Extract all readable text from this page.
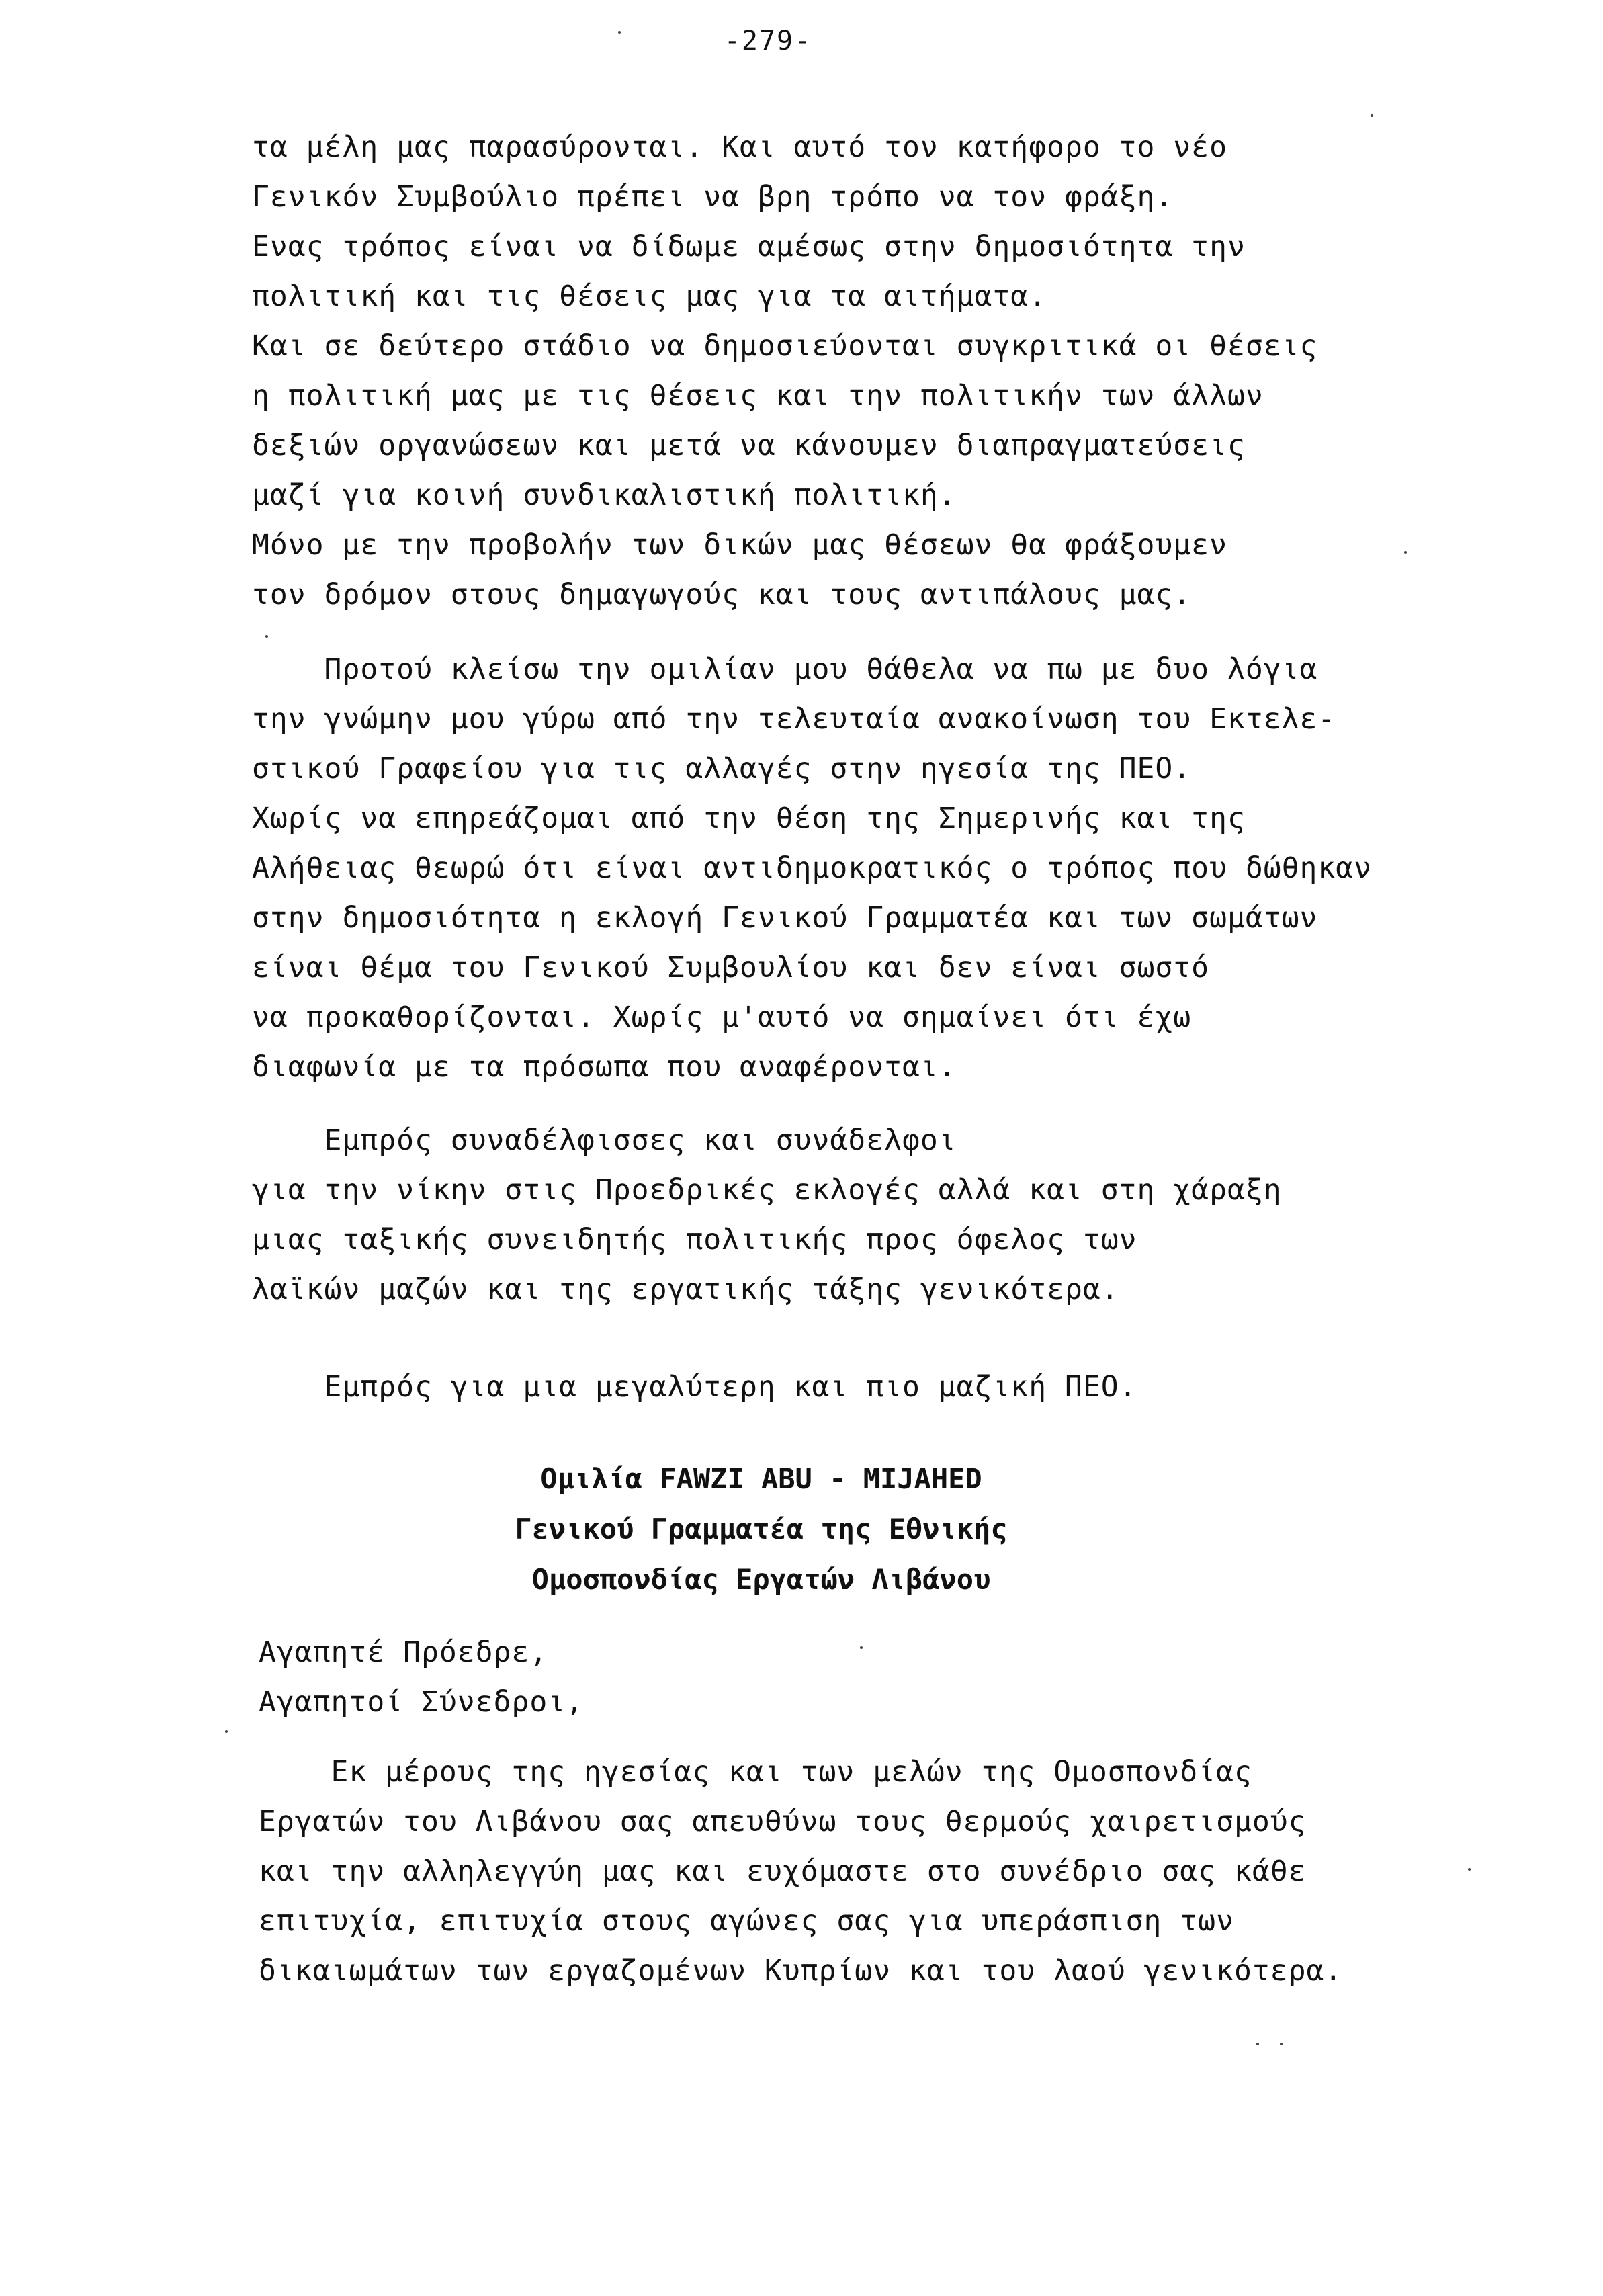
-279-
τα μέλη μας παρασύρονται. Και αυτό τον κατήφορο το νέο
Γενικόν Συμβούλιο πρέπει να βρη τρόπο να τον φράξη.
Ενας τρόπος είναι να δίδωμε αμέσως στην δημοσιότητα την
πολιτική και τις θέσεις μας για τα αιτήματα.
Και σε δεύτερο στάδιο να δημοσιεύονται συγκριτικά οι θέσεις
η πολιτική μας με τις θέσεις και την πολιτικήν των άλλων
δεξιών οργανώσεων και μετά να κάνουμεν διαπραγματεύσεις
μαζί για κοινή συνδικαλιστική πολιτική.
Μόνο με την προβολήν των δικών μας θέσεων θα φράξουμεν
τον δρόμον στους δημαγωγούς και τους αντιπάλους μας.
Προτού κλείσω την ομιλίαν μου θάθελα να πω με δυο λόγια
την γνώμην μου γύρω από την τελευταία ανακοίνωση του Εκτελε-
στικού Γραφείου για τις αλλαγές στην ηγεσία της ΠΕΟ.
Χωρίς να επηρεάζομαι από την θέση της Σημερινής και της
Αλήθειας θεωρώ ότι είναι αντιδημοκρατικός ο τρόπος που δώθηκαν
στην δημοσιότητα η εκλογή Γενικού Γραμματέα και των σωμάτων
είναι θέμα του Γενικού Συμβουλίου και δεν είναι σωστό
να προκαθορίζονται. Χωρίς μ'αυτό να σημαίνει ότι έχω
διαφωνία με τα πρόσωπα που αναφέρονται.
Εμπρός συναδέλφισσες και συνάδελφοι
για την νίκην στις Προεδρικές εκλογές αλλά και στη χάραξη
μιας ταξικής συνειδητής πολιτικής προς όφελος των
λαϊκών μαζών και της εργατικής τάξης γενικότερα.
Εμπρός για μια μεγαλύτερη και πιο μαζική ΠΕΟ.
Ομιλία FAWZI ABU - MIJAHED
Γενικού Γραμματέα της Εθνικής
Ομοσπονδίας Εργατών Λιβάνου
Αγαπητέ Πρόεδρε,
Αγαπητοί Σύνεδροι,
Εκ μέρους της ηγεσίας και των μελών της Ομοσπονδίας
Εργατών του Λιβάνου σας απευθύνω τους θερμούς χαιρετισμούς
και την αλληλεγγύη μας και ευχόμαστε στο συνέδριο σας κάθε
επιτυχία, επιτυχία στους αγώνες σας για υπεράσπιση των
δικαιωμάτων των εργαζομένων Κυπρίων και του λαού γενικότερα.
